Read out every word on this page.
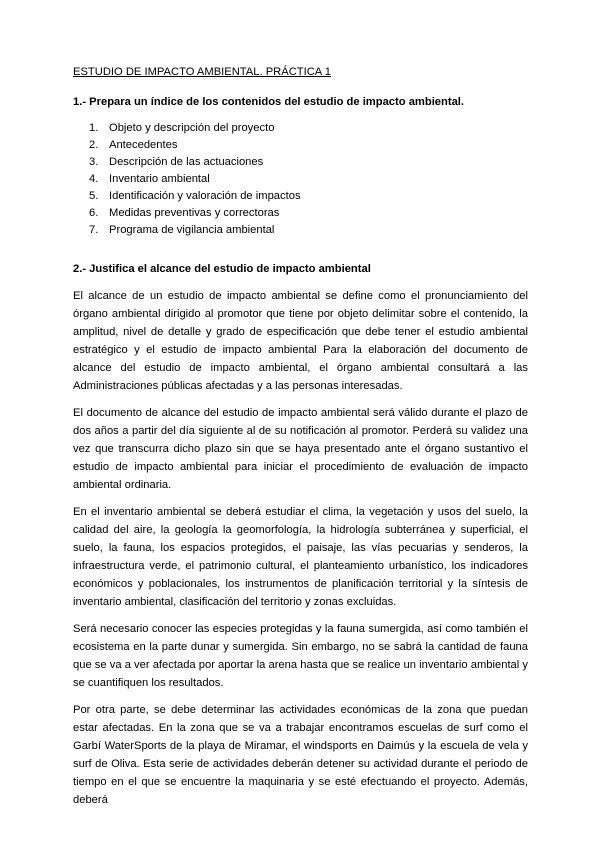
ESTUDIO DE IMPACTO AMBIENTAL. PRÁCTICA 1
1.- Prepara un índice de los contenidos del estudio de impacto ambiental.
1. Objeto y descripción del proyecto
2. Antecedentes
3. Descripción de las actuaciones
4. Inventario ambiental
5. Identificación y valoración de impactos
6. Medidas preventivas y correctoras
7. Programa de vigilancia ambiental
2.- Justifica el alcance del estudio de impacto ambiental

El alcance de un estudio de impacto ambiental se define como el pronunciamiento del órgano ambiental dirigido al promotor que tiene por objeto delimitar sobre el contenido, la amplitud, nivel de detalle y grado de especificación que debe tener el estudio ambiental estratégico y el estudio de impacto ambiental Para la elaboración del documento de alcance del estudio de impacto ambiental, el órgano ambiental consultará a las Administraciones públicas afectadas y a las personas interesadas.

El documento de alcance del estudio de impacto ambiental será válido durante el plazo de dos años a partir del día siguiente al de su notificación al promotor. Perderá su validez una vez que transcurra dicho plazo sin que se haya presentado ante el órgano sustantivo el estudio de impacto ambiental para iniciar el procedimiento de evaluación de impacto ambiental ordinaria.

En el inventario ambiental se deberá estudiar el clima, la vegetación y usos del suelo, la calidad del aire, la geología la geomorfología, la hidrología subterránea y superficial, el suelo, la fauna, los espacios protegidos, el paisaje, las vías pecuarias y senderos, la infraestructura verde, el patrimonio cultural, el planteamiento urbanístico, los indicadores económicos y poblacionales, los instrumentos de planificación territorial y la síntesis de inventario ambiental, clasificación del territorio y zonas excluidas.

Será necesario conocer las especies protegidas y la fauna sumergida, así como también el ecosistema en la parte dunar y sumergida. Sin embargo, no se sabrá la cantidad de fauna que se va a ver afectada por aportar la arena hasta que se realice un inventario ambiental y se cuantifiquen los resultados.

Por otra parte, se debe determinar las actividades económicas de la zona que puedan estar afectadas. En la zona que se va a trabajar encontramos escuelas de surf como el Garbí WaterSports de la playa de Miramar, el windsports en Daimús y la escuela de vela y surf de Oliva. Esta serie de actividades deberán detener su actividad durante el periodo de tiempo en el que se encuentre la maquinaria y se esté efectuando el proyecto. Además, deberá
